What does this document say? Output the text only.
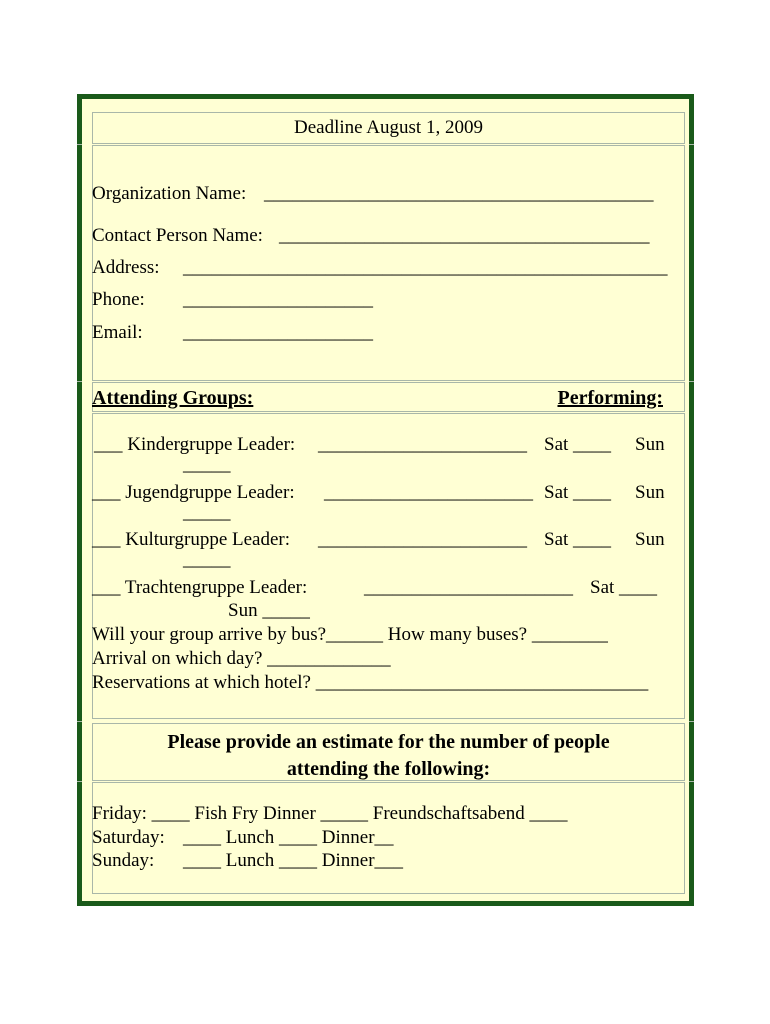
Deadline August 1, 2009
Organization Name: _________________________________________
Contact Person Name: _______________________________________
Address: ___________________________________________________
Phone: ____________________
Email: ____________________
Attending Groups:	Performing:
___ Kindergruppe Leader: ______________________ Sat ____ Sun
_____
___ Jugendgruppe Leader: ______________________ Sat ____ Sun
_____
___ Kulturgruppe Leader: ______________________ Sat ____ Sun
_____
___ Trachtengruppe Leader:	______________________ Sat ____
Sun _____
Will your group arrive by bus?______ How many buses? ________
Arrival on which day? _____________
Reservations at which hotel? ___________________________________
Please provide an estimate for the number of people
attending the following:
Friday: ____ Fish Fry Dinner _____ Freundschaftsabend ____
Saturday: ____ Lunch ____ Dinner__
Sunday: ____ Lunch ____ Dinner___
